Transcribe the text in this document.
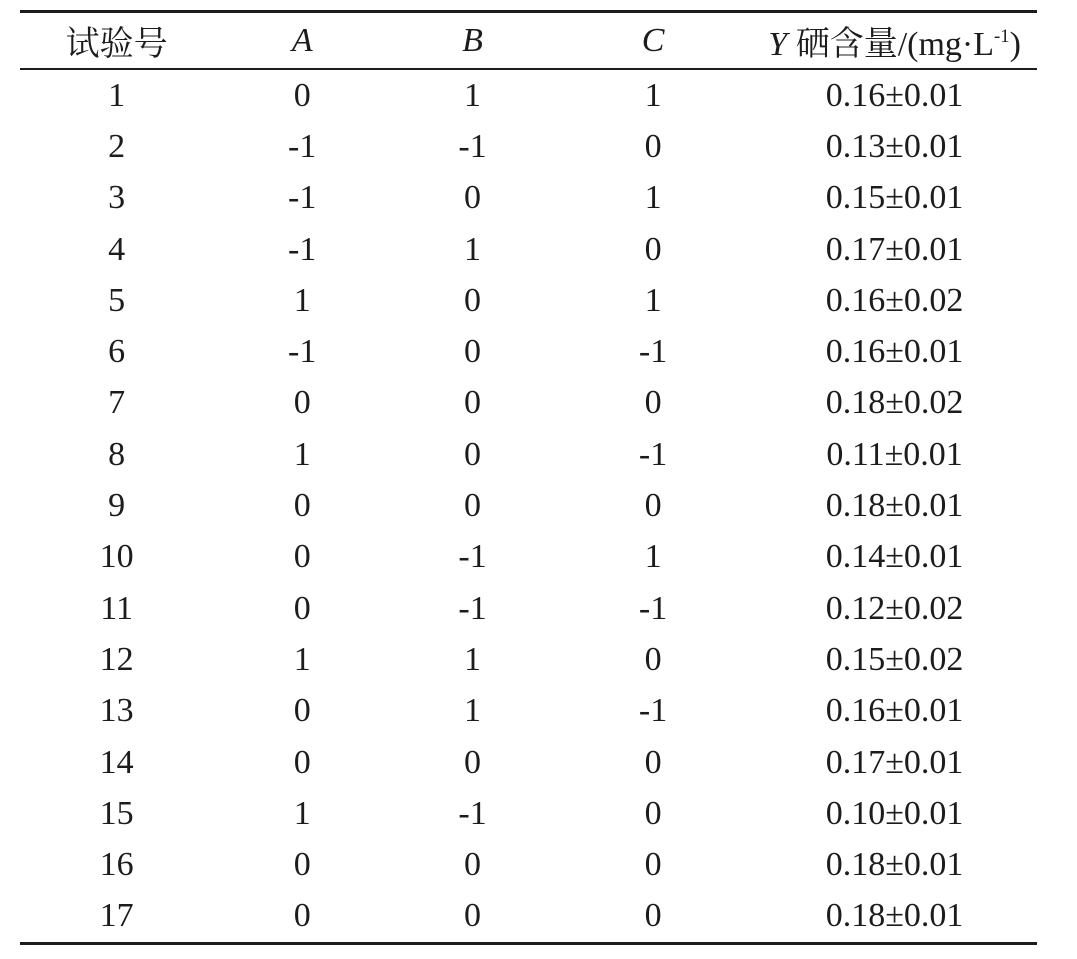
试验号	A	B	C	Y 硒含量$/(mg\cdot L^{-1})$
1	0	1	1	0.16±0.01
2	-1	-1	0	0.13±0.01
3	-1	0	1	0.15±0.01
4	-1	1	0	0.17±0.01
5	1	0	1	0.16±0.02
6	-1	0	-1	0.16±0.01
7	0	0	0	0.18±0.02
8	1	0	-1	0.11±0.01
9	0	0	0	0.18±0.01
10	0	-1	1	0.14±0.01
11	0	-1	-1	0.12±0.02
12	1	1	0	0.15±0.02
13	0	1	-1	0.16±0.01
14	0	0	0	0.17±0.01
15	1	-1	0	0.10±0.01
16	0	0	0	0.18±0.01
17	0	0	0	0.18±0.01
